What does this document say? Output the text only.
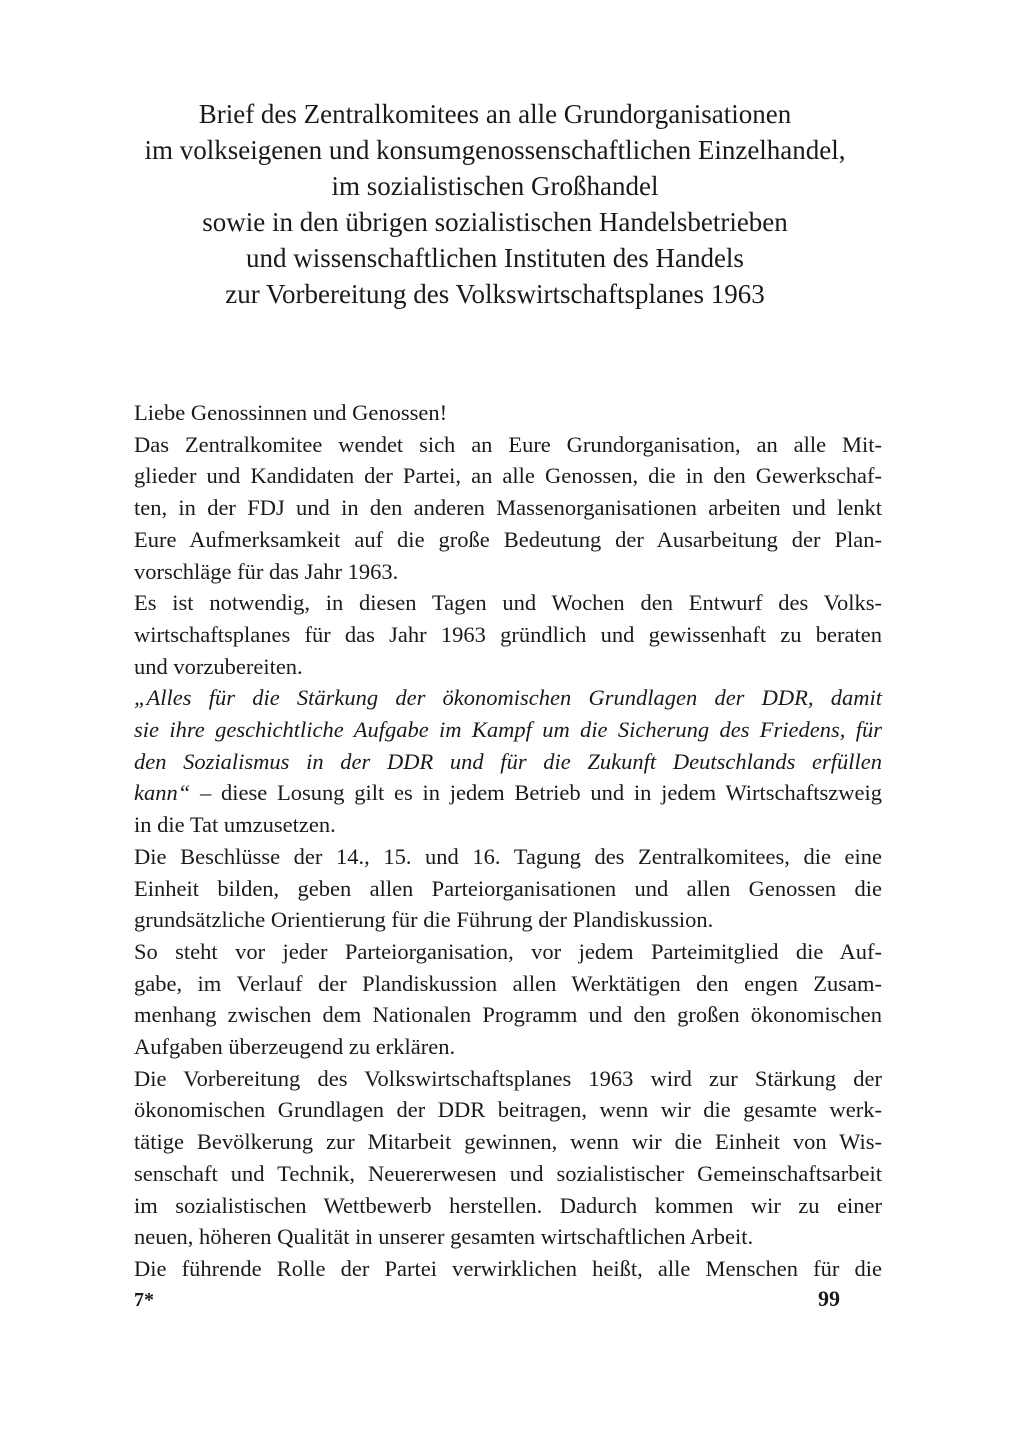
Brief des Zentralkomitees an alle Grundorganisationen
im volkseigenen und konsumgenossenschaftlichen Einzelhandel,
im sozialistischen Großhandel
sowie in den übrigen sozialistischen Handelsbetrieben
und wissenschaftlichen Instituten des Handels
zur Vorbereitung des Volkswirtschaftsplanes 1963
Liebe Genossinnen und Genossen!
Das Zentralkomitee wendet sich an Eure Grundorganisation, an alle Mit-
glieder und Kandidaten der Partei, an alle Genossen, die in den Gewerkschaf-
ten, in der FDJ und in den anderen Massenorganisationen arbeiten und lenkt
Eure Aufmerksamkeit auf die große Bedeutung der Ausarbeitung der Plan-
vorschläge für das Jahr 1963.
Es ist notwendig, in diesen Tagen und Wochen den Entwurf des Volks-
wirtschaftsplanes für das Jahr 1963 gründlich und gewissenhaft zu beraten
und vorzubereiten.
„Alles für die Stärkung der ökonomischen Grundlagen der DDR, damit
sie ihre geschichtliche Aufgabe im Kampf um die Sicherung des Friedens, für
den Sozialismus in der DDR und für die Zukunft Deutschlands erfüllen
kann“ – diese Losung gilt es in jedem Betrieb und in jedem Wirtschaftszweig
in die Tat umzusetzen.
Die Beschlüsse der 14., 15. und 16. Tagung des Zentralkomitees, die eine
Einheit bilden, geben allen Parteiorganisationen und allen Genossen die
grundsätzliche Orientierung für die Führung der Plandiskussion.
So steht vor jeder Parteiorganisation, vor jedem Parteimitglied die Auf-
gabe, im Verlauf der Plandiskussion allen Werktätigen den engen Zusam-
menhang zwischen dem Nationalen Programm und den großen ökonomischen
Aufgaben überzeugend zu erklären.
Die Vorbereitung des Volkswirtschaftsplanes 1963 wird zur Stärkung der
ökonomischen Grundlagen der DDR beitragen, wenn wir die gesamte werk-
tätige Bevölkerung zur Mitarbeit gewinnen, wenn wir die Einheit von Wis-
senschaft und Technik, Neuererwesen und sozialistischer Gemeinschaftsarbeit
im sozialistischen Wettbewerb herstellen. Dadurch kommen wir zu einer
neuen, höheren Qualität in unserer gesamten wirtschaftlichen Arbeit.
Die führende Rolle der Partei verwirklichen heißt, alle Menschen für die
7*	99
